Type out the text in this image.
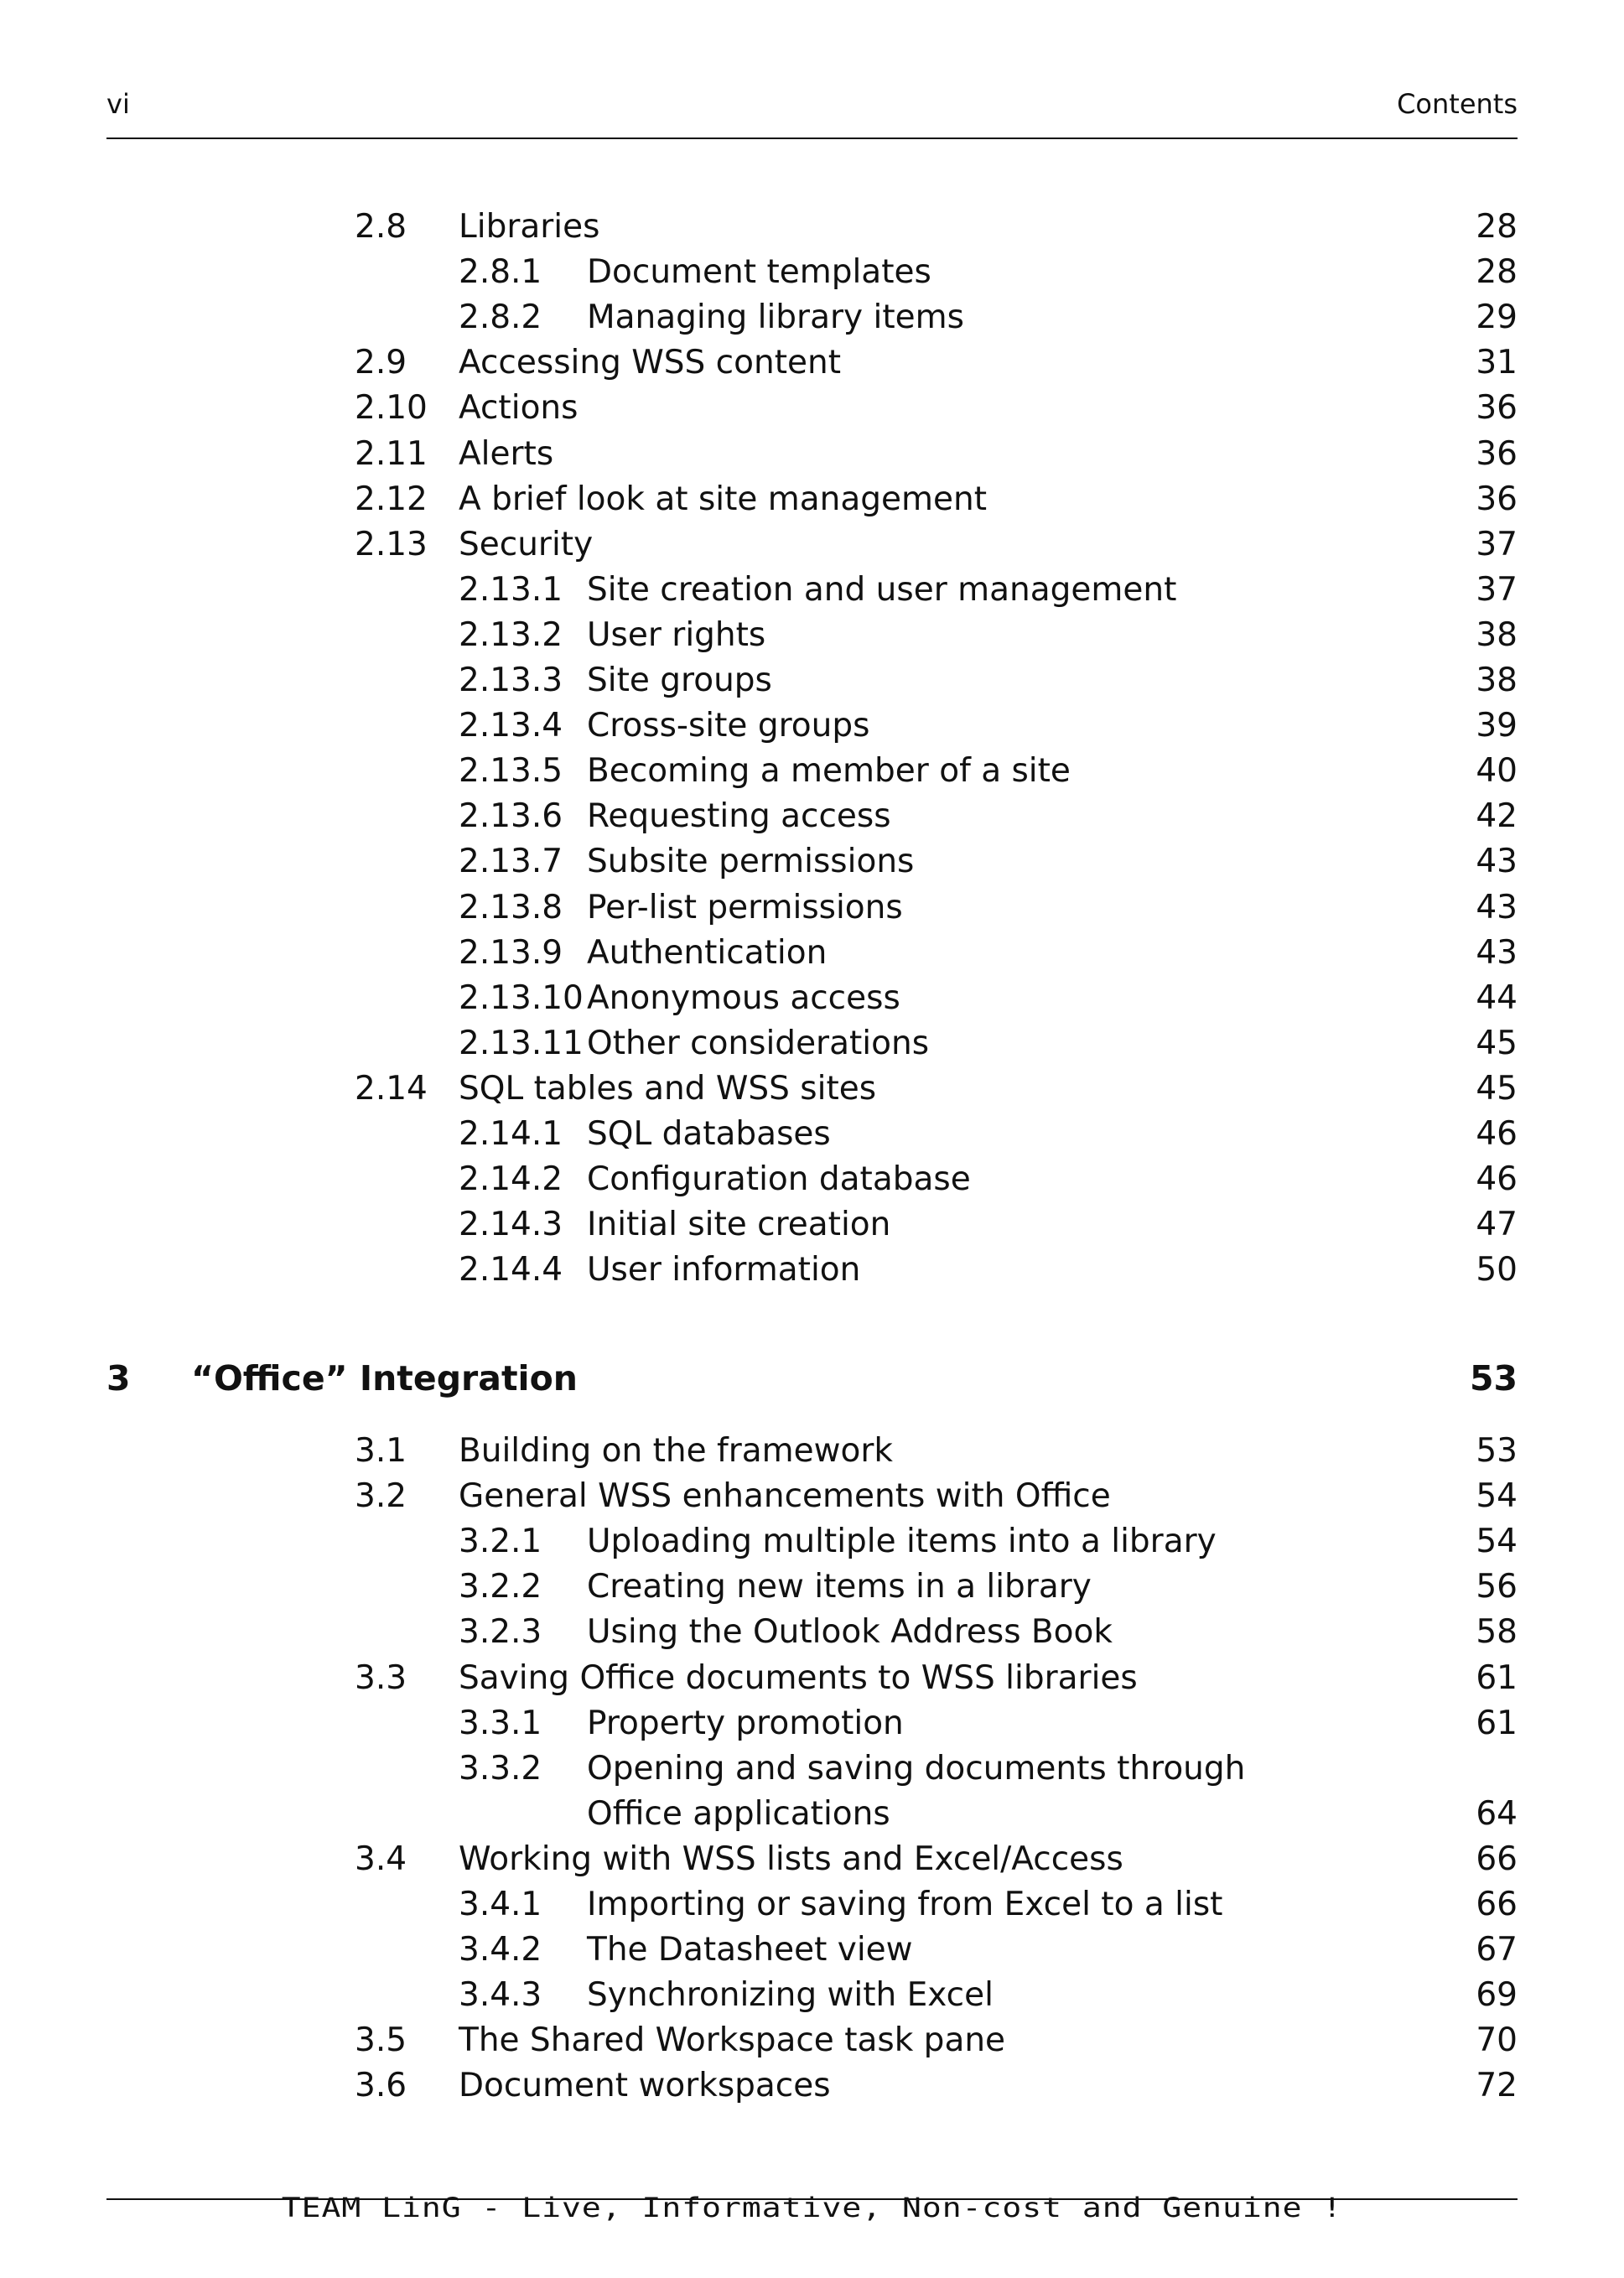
vi	Contents
2.8 Libraries	28
2.8.1 Document templates	28
2.8.2 Managing library items	29
2.9 Accessing WSS content	31
2.10 Actions	36
2.11 Alerts	36
2.12 A brief look at site management	36
2.13 Security	37
2.13.1 Site creation and user management	37
2.13.2 User rights	38
2.13.3 Site groups	38
2.13.4 Cross-site groups	39
2.13.5 Becoming a member of a site	40
2.13.6 Requesting access	42
2.13.7 Subsite permissions	43
2.13.8 Per-list permissions	43
2.13.9 Authentication	43
2.13.10 Anonymous access	44
2.13.11 Other considerations	45
2.14 SQL tables and WSS sites	45
2.14.1 SQL databases	46
2.14.2 Configuration database	46
2.14.3 Initial site creation	47
2.14.4 User information	50
3 “Office” Integration	53
3.1 Building on the framework	53
3.2 General WSS enhancements with Office	54
3.2.1 Uploading multiple items into a library	54
3.2.2 Creating new items in a library	56
3.2.3 Using the Outlook Address Book	58
3.3 Saving Office documents to WSS libraries	61
3.3.1 Property promotion	61
3.3.2 Opening and saving documents through
Office applications	64
3.4 Working with WSS lists and Excel/Access	66
3.4.1 Importing or saving from Excel to a list	66
3.4.2 The Datasheet view	67
3.4.3 Synchronizing with Excel	69
3.5 The Shared Workspace task pane	70
3.6 Document workspaces	72
TEAM LinG - Live, Informative, Non-cost and Genuine !
